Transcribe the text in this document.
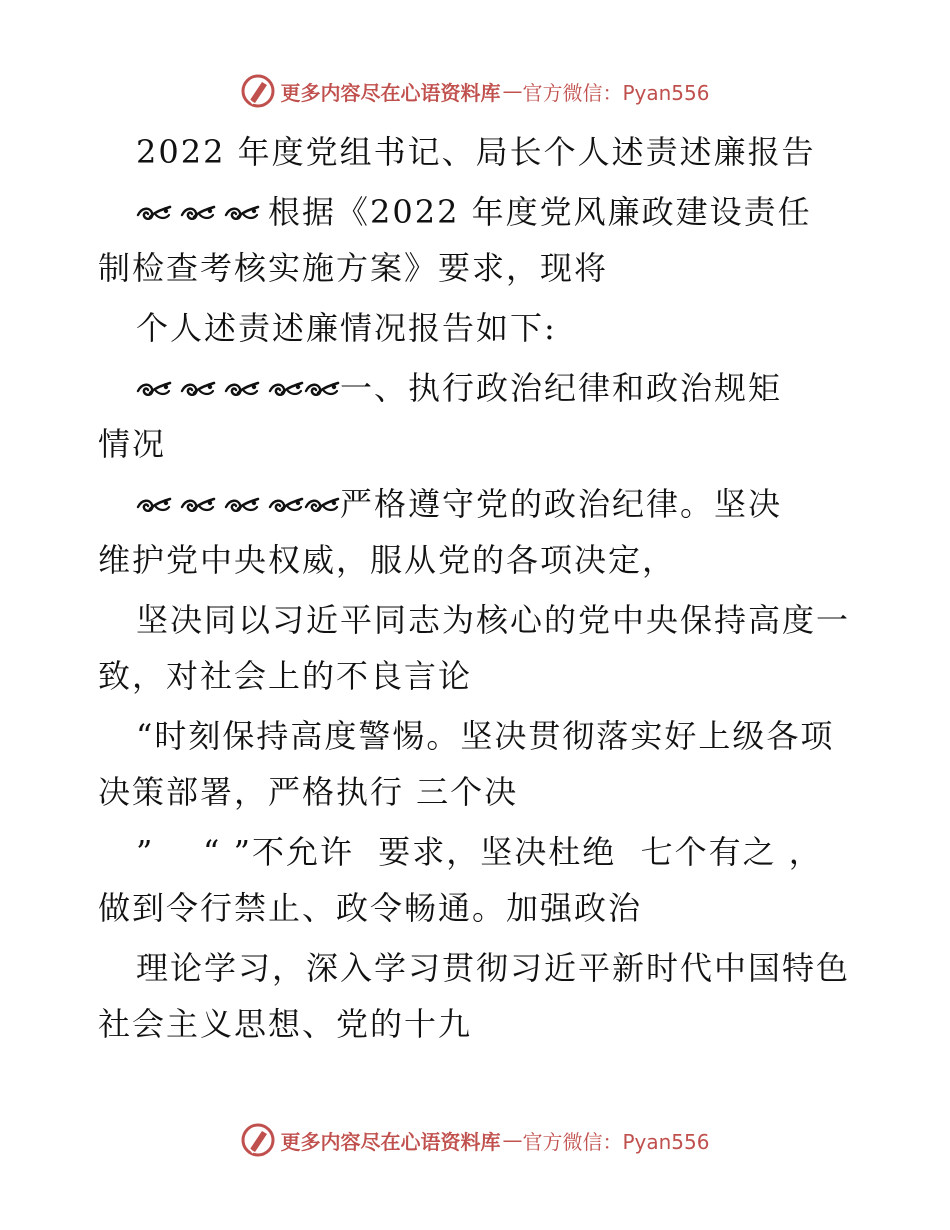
更多内容尽在心语资料库 — 官方微信：Pyan556
2022 年度党组书记、局长个人述责述廉报告
根据《2022 年度党风廉政建设责任
制检查考核实施方案》要求，现将
个人述责述廉情况报告如下:
一、执行政治纪律和政治规矩
情况
严格遵守党的政治纪律。坚决
维护党中央权威，服从党的各项决定，
坚决同以习近平同志为核心的党中央保持高度一
致，对社会上的不良言论
“时刻保持高度警惕。坚决贯彻落实好上级各项
决策部署，严格执行 三个决
”    “ ”不允许  要求，坚决杜绝  七个有之 ，
做到令行禁止、政令畅通。加强政治
理论学习，深入学习贯彻习近平新时代中国特色
社会主义思想、党的十九
更多内容尽在心语资料库 — 官方微信：Pyan556
